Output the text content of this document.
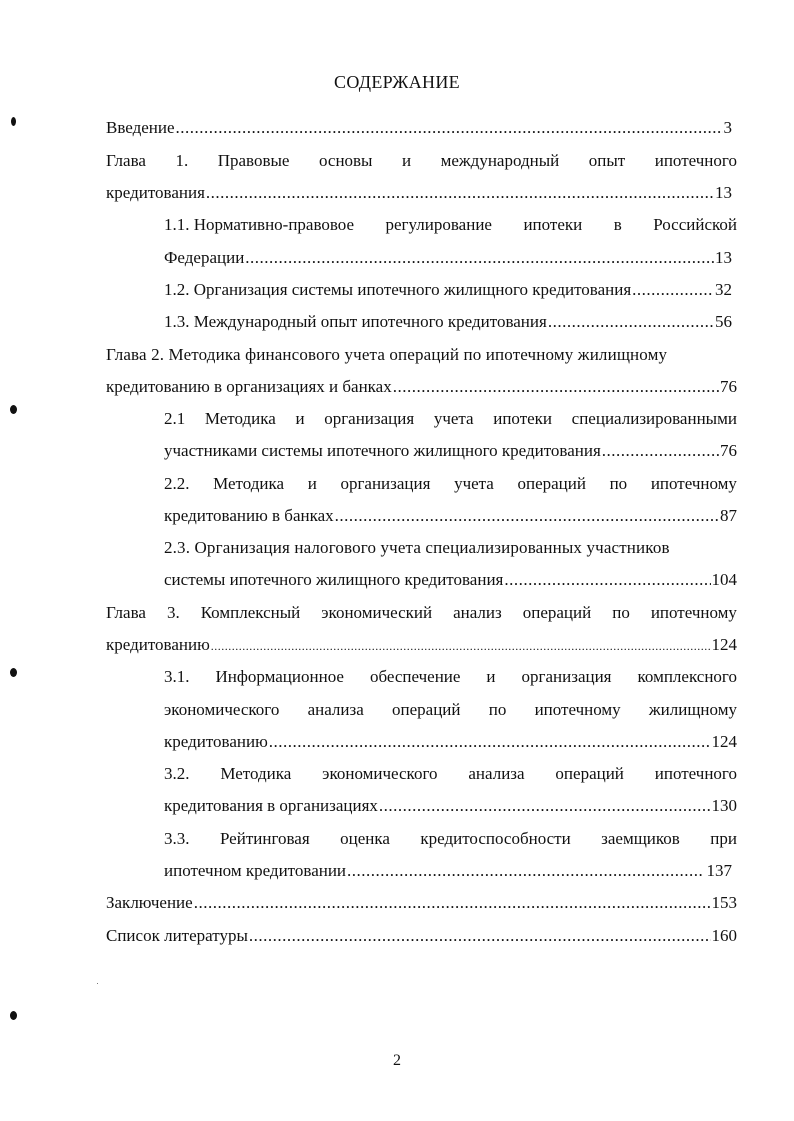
СОДЕРЖАНИЕ
Введение .....	3
Глава 1. Правовые основы и международный опыт ипотечного
кредитования .....	13
1.1. Нормативно-правовое регулирование ипотеки в Российской
Федерации .....	13
1.2. Организация системы ипотечного жилищного кредитования .....	32
1.3. Международный опыт ипотечного кредитования .....	56
Глава 2. Методика финансового учета операций по ипотечному жилищному
кредитованию в организациях и банках .....	76
2.1 Методика и организация учета ипотеки специализированными
участниками системы ипотечного жилищного кредитования .....	76
2.2. Методика и организация учета операций по ипотечному
кредитованию в банках .....	87
2.3. Организация налогового учета специализированных участников
системы ипотечного жилищного кредитования .....	104
Глава 3. Комплексный экономический анализ операций по ипотечному
кредитованию .....	124
3.1. Информационное обеспечение и организация комплексного
экономического анализа операций по ипотечному жилищному
кредитованию .....	124
3.2. Методика экономического анализа операций ипотечного
кредитования в организациях .....	130
3.3. Рейтинговая оценка кредитоспособности заемщиков при
ипотечном кредитовании .....	137
Заключение .....	153
Список литературы .....	160
2
